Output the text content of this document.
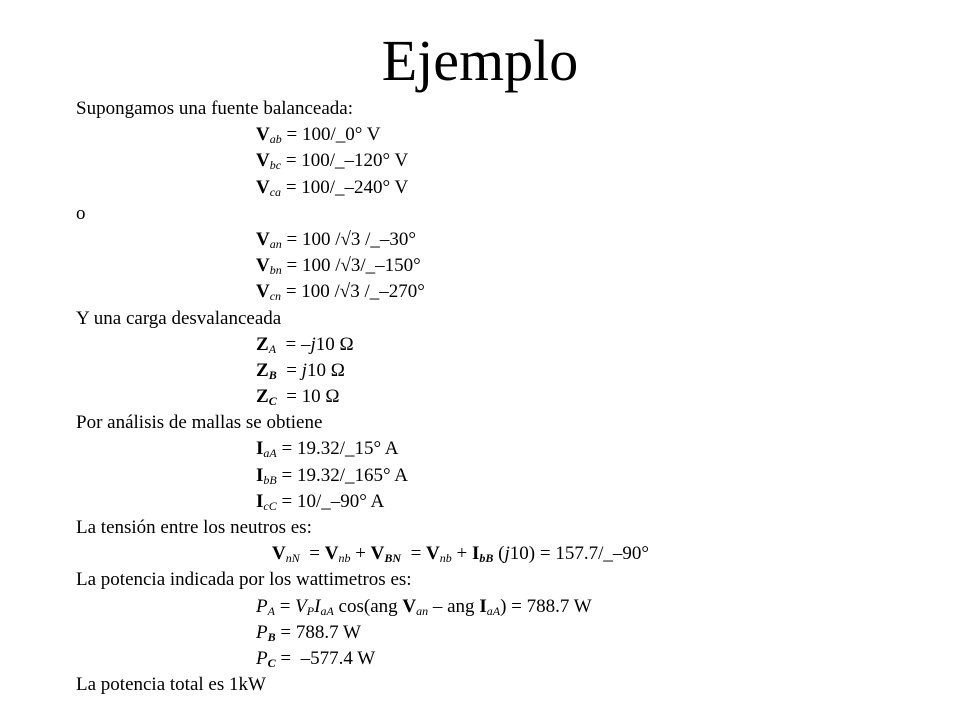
Ejemplo
Supongamos una fuente balanceada:
$V_{ab}$ = 100/_0° V
$V_{bc}$ = 100/_–120° V
$V_{ca}$ = 100/_–240° V
o
$V_{an} = 100$ /√3 /_–30°
$V_{bn} = 100$ /√3/_–150°
$V_{cn} = 100$ /√3 /_–270°
Y una carga desvalanceada
$Z_A = -j10$ Ω
$Z_B = j10$ Ω
$Z_C = 10$ Ω
Por análisis de mallas se obtiene
$I_{aA}$ = 19.32/_15° A
$I_{bB}$ = 19.32/_165° A
$I_{cC}$ = 10/_–90° A
La tensión entre los neutros es:
$V_{nN} = V_{nb} + V_{BN} = V_{nb} + I_{bB}$ (j10) = 157.7/_–90°
La potencia indicada por los wattimetros es:
$P_A = V_PI_{aA}$ cos(ang $V_{an}$ – ang $I_{aA}) = 788.7$ W
$P_B = 788.7$ W
$P_C = -577.4$ W
La potencia total es 1kW
